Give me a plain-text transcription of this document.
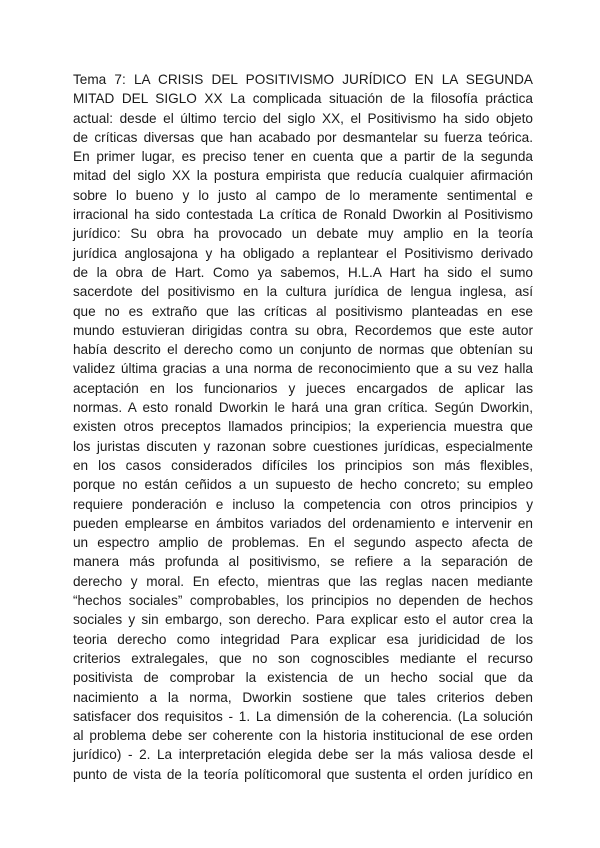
Tema 7: LA CRISIS DEL POSITIVISMO JURÍDICO EN LA SEGUNDA
MITAD DEL SIGLO XX La complicada situación de la filosofía práctica
actual: desde el último tercio del siglo XX, el Positivismo ha sido objeto
de críticas diversas que han acabado por desmantelar su fuerza teórica.
En primer lugar, es preciso tener en cuenta que a partir de la segunda
mitad del siglo XX la postura empirista que reducía cualquier afirmación
sobre lo bueno y lo justo al campo de lo meramente sentimental e
irracional ha sido contestada La crítica de Ronald Dworkin al Positivismo
jurídico: Su obra ha provocado un debate muy amplio en la teoría
jurídica anglosajona y ha obligado a replantear el Positivismo derivado
de la obra de Hart. Como ya sabemos, H.L.A Hart ha sido el sumo
sacerdote del positivismo en la cultura jurídica de lengua inglesa, así
que no es extraño que las críticas al positivismo planteadas en ese
mundo estuvieran dirigidas contra su obra, Recordemos que este autor
había descrito el derecho como un conjunto de normas que obtenían su
validez última gracias a una norma de reconocimiento que a su vez halla
aceptación en los funcionarios y jueces encargados de aplicar las
normas. A esto ronald Dworkin le hará una gran crítica. Según Dworkin,
existen otros preceptos llamados principios; la experiencia muestra que
los juristas discuten y razonan sobre cuestiones jurídicas, especialmente
en los casos considerados difíciles los principios son más flexibles,
porque no están ceñidos a un supuesto de hecho concreto; su empleo
requiere ponderación e incluso la competencia con otros principios y
pueden emplearse en ámbitos variados del ordenamiento e intervenir en
un espectro amplio de problemas. En el segundo aspecto afecta de
manera más profunda al positivismo, se refiere a la separación de
derecho y moral. En efecto, mientras que las reglas nacen mediante
“hechos sociales” comprobables, los principios no dependen de hechos
sociales y sin embargo, son derecho. Para explicar esto el autor crea la
teoria derecho como integridad Para explicar esa juridicidad de los
criterios extralegales, que no son cognoscibles mediante el recurso
positivista de comprobar la existencia de un hecho social que da
nacimiento a la norma, Dworkin sostiene que tales criterios deben
satisfacer dos requisitos - 1. La dimensión de la coherencia. (La solución
al problema debe ser coherente con la historia institucional de ese orden
jurídico) - 2. La interpretación elegida debe ser la más valiosa desde el
punto de vista de la teoría políticomoral que sustenta el orden jurídico en
